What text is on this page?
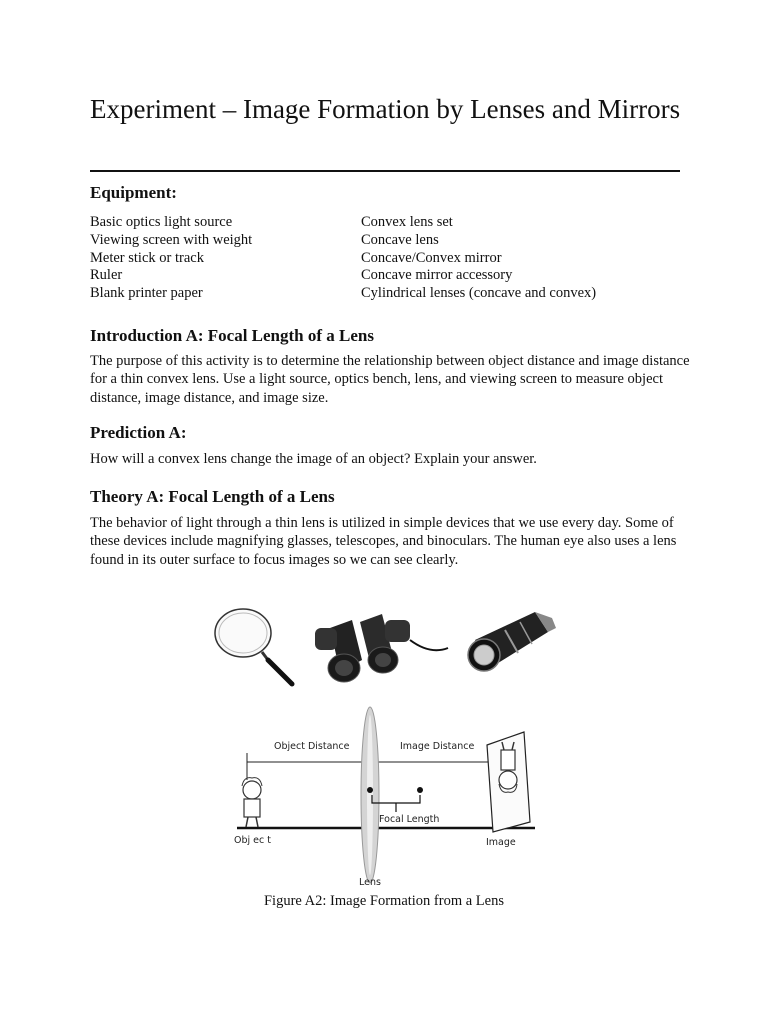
Experiment – Image Formation by Lenses and Mirrors
Equipment:
Basic optics light source
Viewing screen with weight
Meter stick or track
Ruler
Blank printer paper
Convex lens set
Concave lens
Concave/Convex mirror
Concave mirror accessory
Cylindrical lenses (concave and convex)
Introduction A: Focal Length of a Lens

The purpose of this activity is to determine the relationship between object distance and image distance for a thin convex lens. Use a light source, optics bench, lens, and viewing screen to measure object distance, image distance, and image size.

Prediction A:

How will a convex lens change the image of an object? Explain your answer.

Theory A: Focal Length of a Lens

The behavior of light through a thin lens is utilized in simple devices that we use every day. Some of these devices include magnifying glasses, telescopes, and binoculars. The human eye also uses a lens found in its outer surface to focus images so we can see clearly.

Object Distance	Image Distance
Focal Length
Obj ec t	Image
Lens
Figure A2: Image Formation from a Lens
